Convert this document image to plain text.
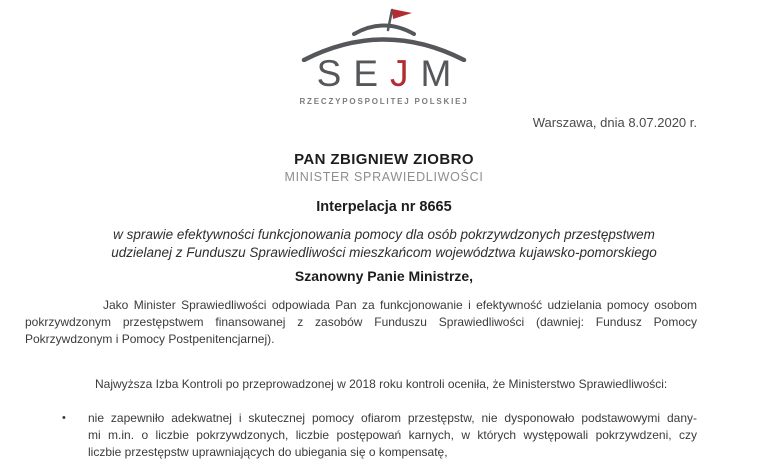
SEJM
RZECZYPOSPOLITEJ POLSKIEJ
Warszawa, dnia 8.07.2020 r.
PAN ZBIGNIEW ZIOBRO
MINISTER SPRAWIEDLIWOŚCI
Interpelacja nr 8665
w sprawie efektywności funkcjonowania pomocy dla osób pokrzywdzonych przestępstwem
udzielanej z Funduszu Sprawiedliwości mieszkańcom województwa kujawsko-pomorskiego
Szanowny Panie Ministrze,
Jako Minister Sprawiedliwości odpowiada Pan za funkcjonowanie i efektywność udzielania pomocy osobom
pokrzywdzonym przestępstwem finansowanej z zasobów Funduszu Sprawiedliwości (dawniej: Fundusz Pomocy
Pokrzywdzonym i Pomocy Postpenitencjarnej).
Najwyższa Izba Kontroli po przeprowadzonej w 2018 roku kontroli oceniła, że Ministerstwo Sprawiedliwości:
•	nie zapewniło adekwatnej i skutecznej pomocy ofiarom przestępstw, nie dysponowało podstawowymi dany-
mi m.in. o liczbie pokrzywdzonych, liczbie postępowań karnych, w których występowali pokrzywdzeni, czy
liczbie przestępstw uprawniających do ubiegania się o kompensatę,
